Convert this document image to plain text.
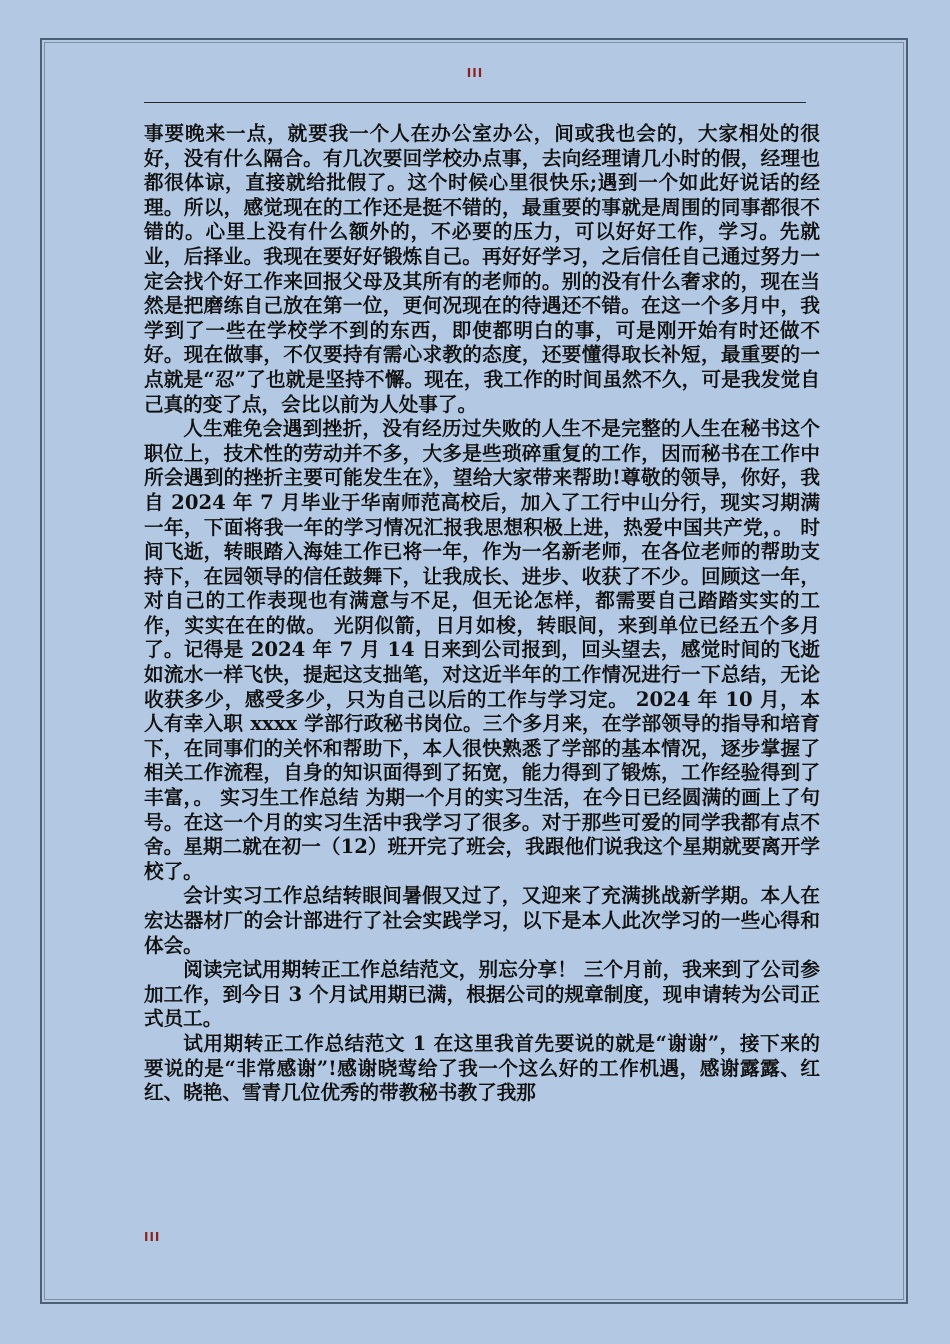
III

事要晚来一点，就要我一个人在办公室办公，间或我也会的，大家相处的很好，没有什么隔合。有几次要回学校办点事，去向经理请几小时的假，经理也都很体谅，直接就给批假了。这个时候心里很快乐;遇到一个如此好说话的经理。所以，感觉现在的工作还是挺不错的，最重要的事就是周围的同事都很不错的。心里上没有什么额外的，不必要的压力，可以好好工作，学习。先就业，后择业。我现在要好好锻炼自己。再好好学习，之后信任自己通过努力一定会找个好工作来回报父母及其所有的老师的。别的没有什么奢求的，现在当然是把磨练自己放在第一位，更何况现在的待遇还不错。在这一个多月中，我学到了一些在学校学不到的东西，即使都明白的事，可是刚开始有时还做不好。现在做事，不仅要持有需心求教的态度，还要懂得取长补短，最重要的一点就是“忍”了也就是坚持不懈。现在，我工作的时间虽然不久，可是我发觉自己真的变了点，会比以前为人处事了。

人生难免会遇到挫折，没有经历过失败的人生不是完整的人生在秘书这个职位上，技术性的劳动并不多，大多是些琐碎重复的工作，因而秘书在工作中所会遇到的挫折主要可能发生在》，望给大家带来帮助!尊敬的领导，你好，我自 2024 年 7 月毕业于华南师范高校后，加入了工行中山分行，现实习期满一年，下面将我一年的学习情况汇报我思想积极上进，热爱中国共产党，。 时间飞逝，转眼踏入海娃工作已将一年，作为一名新老师，在各位老师的帮助支持下，在园领导的信任鼓舞下，让我成长、进步、收获了不少。回顾这一年，对自己的工作表现也有满意与不足，但无论怎样，都需要自己踏踏实实的工作，实实在在的做。 光阴似箭，日月如梭，转眼间，来到单位已经五个多月了。记得是 2024 年 7 月 14 日来到公司报到，回头望去，感觉时间的飞逝如流水一样飞快，提起这支拙笔，对这近半年的工作情况进行一下总结，无论收获多少，感受多少，只为自己以后的工作与学习定。 2024 年 10 月，本人有幸入职 xxxx 学部行政秘书岗位。三个多月来，在学部领导的指导和培育下，在同事们的关怀和帮助下，本人很快熟悉了学部的基本情况，逐步掌握了相关工作流程，自身的知识面得到了拓宽，能力得到了锻炼，工作经验得到了丰富，。 实习生工作总结 为期一个月的实习生活，在今日已经圆满的画上了句号。在这一个月的实习生活中我学习了很多。对于那些可爱的同学我都有点不舍。星期二就在初一（12）班开完了班会，我跟他们说我这个星期就要离开学校了。

会计实习工作总结转眼间暑假又过了，又迎来了充满挑战新学期。本人在宏达器材厂的会计部进行了社会实践学习，以下是本人此次学习的一些心得和体会。

阅读完试用期转正工作总结范文，别忘分享！ 三个月前，我来到了公司参加工作，到今日 3 个月试用期已满，根据公司的规章制度，现申请转为公司正式员工。

试用期转正工作总结范文 1 在这里我首先要说的就是“谢谢”，接下来的要说的是“非常感谢”!感谢晓莺给了我一个这么好的工作机遇，感谢露露、红红、晓艳、雪青几位优秀的带教秘书教了我那

III
